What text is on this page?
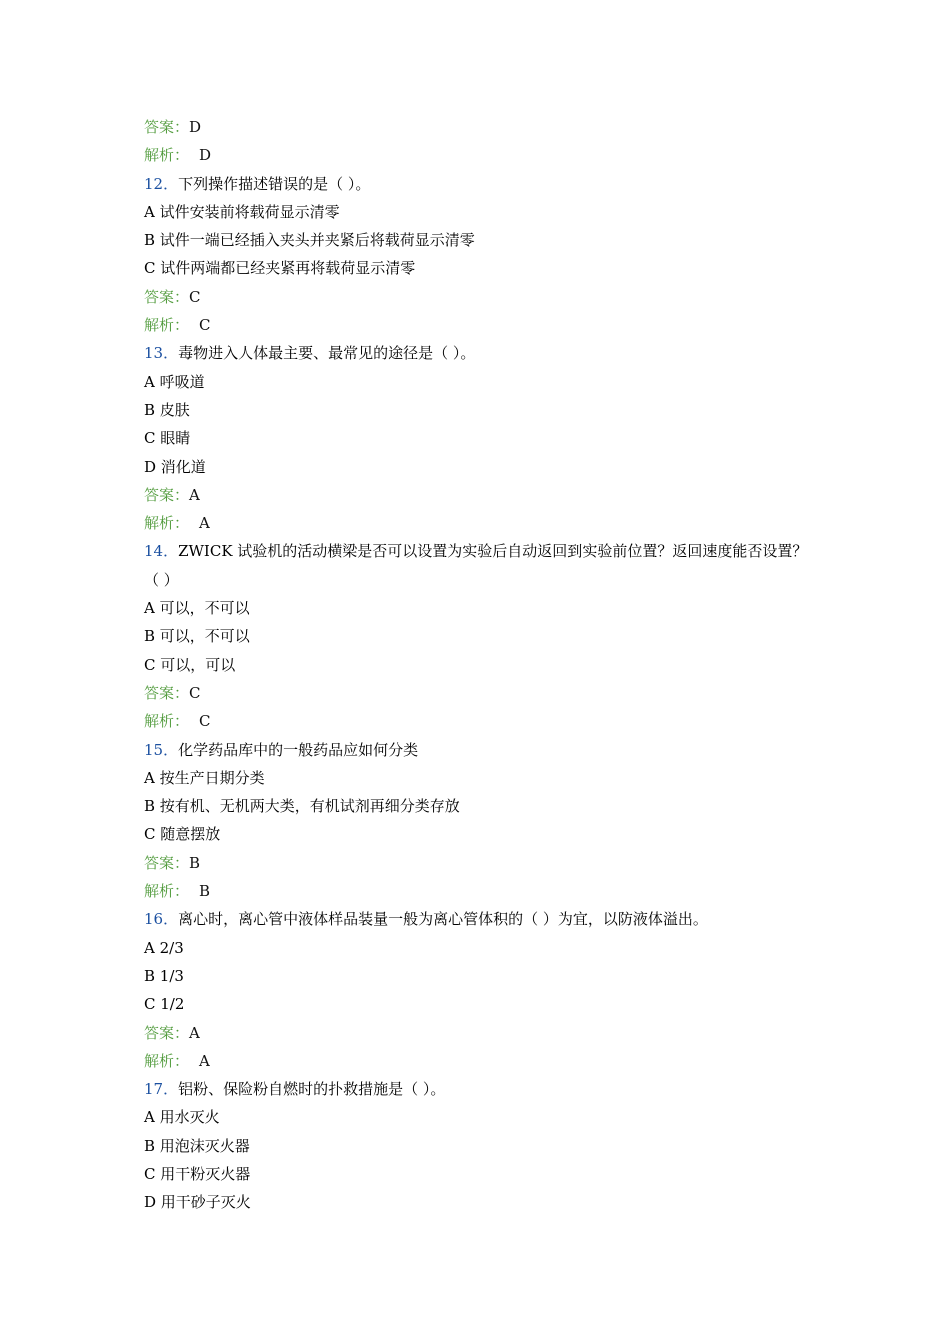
答案：D
解析： D
12．下列操作描述错误的是（ ）。
A 试件安装前将载荷显示清零
B 试件一端已经插入夹头并夹紧后将载荷显示清零
C 试件两端都已经夹紧再将载荷显示清零
答案：C
解析： C
13．毒物进入人体最主要、最常见的途径是（ ）。
A 呼吸道
B 皮肤
C 眼睛
D 消化道
答案：A
解析： A
14．ZWICK 试验机的活动横梁是否可以设置为实验后自动返回到实验前位置？返回速度能否设置？（ ）
A 可以，不可以
B 可以，不可以
C 可以，可以
答案：C
解析： C
15．化学药品库中的一般药品应如何分类
A 按生产日期分类
B 按有机、无机两大类，有机试剂再细分类存放
C 随意摆放
答案：B
解析： B
16．离心时，离心管中液体样品装量一般为离心管体积的（ ）为宜，以防液体溢出。
A 2/3
B 1/3
C 1/2
答案：A
解析： A
17．铝粉、保险粉自燃时的扑救措施是（ ）。
A 用水灭火
B 用泡沫灭火器
C 用干粉灭火器
D 用干砂子灭火
